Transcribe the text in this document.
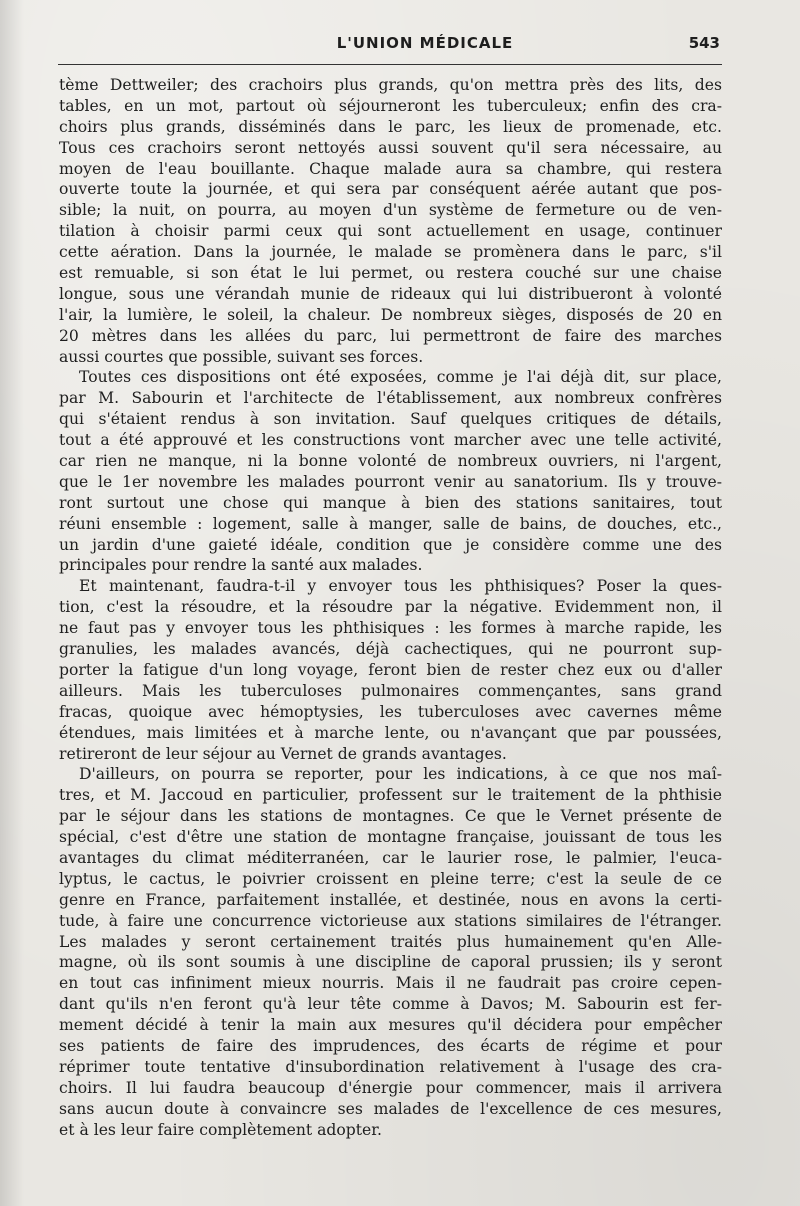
L'UNION MÉDICALE	543
tème Dettweiler; des crachoirs plus grands, qu'on mettra près des lits, des
tables, en un mot, partout où séjourneront les tuberculeux; enfin des cra-
choirs plus grands, disséminés dans le parc, les lieux de promenade, etc.
Tous ces crachoirs seront nettoyés aussi souvent qu'il sera nécessaire, au
moyen de l'eau bouillante. Chaque malade aura sa chambre, qui restera
ouverte toute la journée, et qui sera par conséquent aérée autant que pos-
sible; la nuit, on pourra, au moyen d'un système de fermeture ou de ven-
tilation à choisir parmi ceux qui sont actuellement en usage, continuer
cette aération. Dans la journée, le malade se promènera dans le parc, s'il
est remuable, si son état le lui permet, ou restera couché sur une chaise
longue, sous une vérandah munie de rideaux qui lui distribueront à volonté
l'air, la lumière, le soleil, la chaleur. De nombreux sièges, disposés de 20 en
20 mètres dans les allées du parc, lui permettront de faire des marches
aussi courtes que possible, suivant ses forces.
Toutes ces dispositions ont été exposées, comme je l'ai déjà dit, sur place,
par M. Sabourin et l'architecte de l'établissement, aux nombreux confrères
qui s'étaient rendus à son invitation. Sauf quelques critiques de détails,
tout a été approuvé et les constructions vont marcher avec une telle activité,
car rien ne manque, ni la bonne volonté de nombreux ouvriers, ni l'argent,
que le 1er novembre les malades pourront venir au sanatorium. Ils y trouve-
ront surtout une chose qui manque à bien des stations sanitaires, tout
réuni ensemble : logement, salle à manger, salle de bains, de douches, etc.,
un jardin d'une gaieté idéale, condition que je considère comme une des
principales pour rendre la santé aux malades.
Et maintenant, faudra-t-il y envoyer tous les phthisiques? Poser la ques-
tion, c'est la résoudre, et la résoudre par la négative. Evidemment non, il
ne faut pas y envoyer tous les phthisiques : les formes à marche rapide, les
granulies, les malades avancés, déjà cachectiques, qui ne pourront sup-
porter la fatigue d'un long voyage, feront bien de rester chez eux ou d'aller
ailleurs. Mais les tuberculoses pulmonaires commençantes, sans grand
fracas, quoique avec hémoptysies, les tuberculoses avec cavernes même
étendues, mais limitées et à marche lente, ou n'avançant que par poussées,
retireront de leur séjour au Vernet de grands avantages.
D'ailleurs, on pourra se reporter, pour les indications, à ce que nos maî-
tres, et M. Jaccoud en particulier, professent sur le traitement de la phthisie
par le séjour dans les stations de montagnes. Ce que le Vernet présente de
spécial, c'est d'être une station de montagne française, jouissant de tous les
avantages du climat méditerranéen, car le laurier rose, le palmier, l'euca-
lyptus, le cactus, le poivrier croissent en pleine terre; c'est la seule de ce
genre en France, parfaitement installée, et destinée, nous en avons la certi-
tude, à faire une concurrence victorieuse aux stations similaires de l'étranger.
Les malades y seront certainement traités plus humainement qu'en Alle-
magne, où ils sont soumis à une discipline de caporal prussien; ils y seront
en tout cas infiniment mieux nourris. Mais il ne faudrait pas croire cepen-
dant qu'ils n'en feront qu'à leur tête comme à Davos; M. Sabourin est fer-
mement décidé à tenir la main aux mesures qu'il décidera pour empêcher
ses patients de faire des imprudences, des écarts de régime et pour
réprimer toute tentative d'insubordination relativement à l'usage des cra-
choirs. Il lui faudra beaucoup d'énergie pour commencer, mais il arrivera
sans aucun doute à convaincre ses malades de l'excellence de ces mesures,
et à les leur faire complètement adopter.
